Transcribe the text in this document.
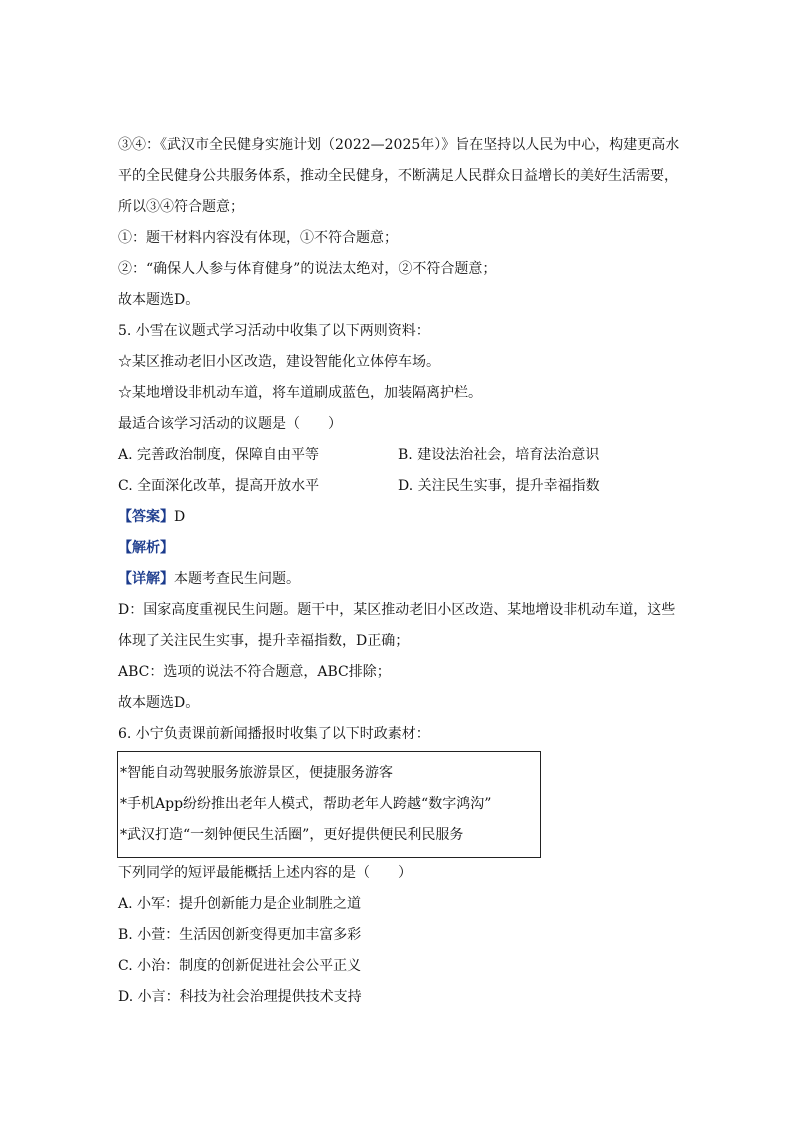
③④：《武汉市全民健身实施计划（2022—2025年）》旨在坚持以人民为中心，构建更高水
平的全民健身公共服务体系，推动全民健身，不断满足人民群众日益增长的美好生活需要，
所以③④符合题意；
①：题干材料内容没有体现，①不符合题意；
②：“确保人人参与体育健身”的说法太绝对，②不符合题意；
故本题选D。
5. 小雪在议题式学习活动中收集了以下两则资料：
☆某区推动老旧小区改造，建设智能化立体停车场。
☆某地增设非机动车道，将车道刷成蓝色，加装隔离护栏。
最适合该学习活动的议题是（　　）
A. 完善政治制度，保障自由平等	B. 建设法治社会，培育法治意识
C. 全面深化改革，提高开放水平	D. 关注民生实事，提升幸福指数
【答案】D
【解析】
【详解】本题考查民生问题。
D：国家高度重视民生问题。题干中，某区推动老旧小区改造、某地增设非机动车道，这些
体现了关注民生实事，提升幸福指数，D正确；
ABC：选项的说法不符合题意，ABC排除；
故本题选D。
6. 小宁负责课前新闻播报时收集了以下时政素材：
*智能自动驾驶服务旅游景区，便捷服务游客
*手机App纷纷推出老年人模式，帮助老年人跨越“数字鸿沟”
*武汉打造“一刻钟便民生活圈”，更好提供便民利民服务
下列同学的短评最能概括上述内容的是（　　）
A. 小军：提升创新能力是企业制胜之道
B. 小萱：生活因创新变得更加丰富多彩
C. 小治：制度的创新促进社会公平正义
D. 小言：科技为社会治理提供技术支持
